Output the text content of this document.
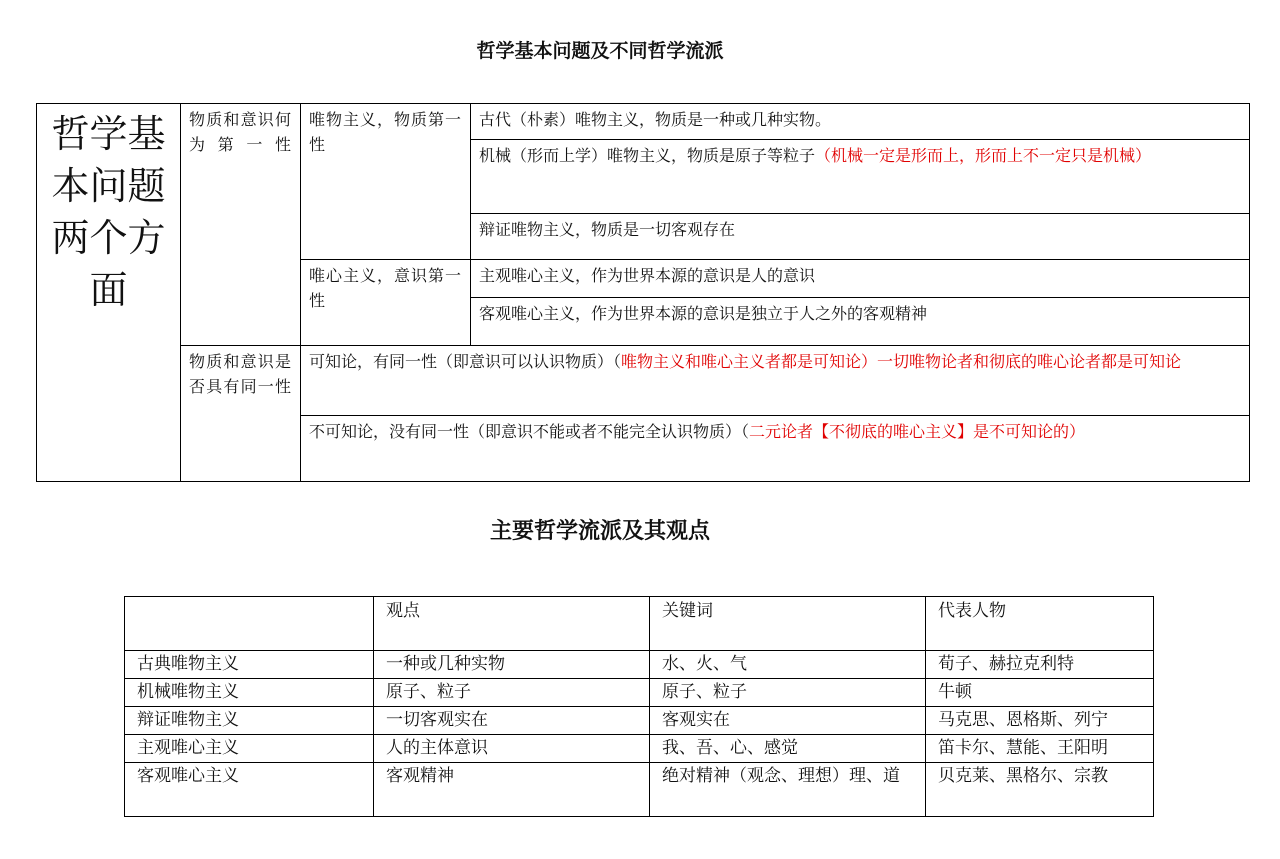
哲学基本问题及不同哲学流派
哲学基本问题两个方面	物质和意识何为第一性	唯物主义，物质第一性	古代（朴素）唯物主义，物质是一种或几种实物。
			机械（形而上学）唯物主义，物质是原子等粒子（机械一定是形而上，形而上不一定只是机械）
			辩证唯物主义，物质是一切客观存在
		唯心主义，意识第一性	主观唯心主义，作为世界本源的意识是人的意识
			客观唯心主义，作为世界本源的意识是独立于人之外的客观精神
	物质和意识是否具有同一性	可知论，有同一性（即意识可以认识物质）（唯物主义和唯心主义者都是可知论）一切唯物论者和彻底的唯心论者都是可知论	
		不可知论，没有同一性（即意识不能或者不能完全认识物质）（二元论者【不彻底的唯心主义】是不可知论的）	
主要哲学流派及其观点
	观点	关键词	代表人物
古典唯物主义	一种或几种实物	水、火、气	荀子、赫拉克利特
机械唯物主义	原子、粒子	原子、粒子	牛顿
辩证唯物主义	一切客观实在	客观实在	马克思、恩格斯、列宁
主观唯心主义	人的主体意识	我、吾、心、感觉	笛卡尔、慧能、王阳明
客观唯心主义	客观精神	绝对精神（观念、理想）理、道	贝克莱、黑格尔、宗教
